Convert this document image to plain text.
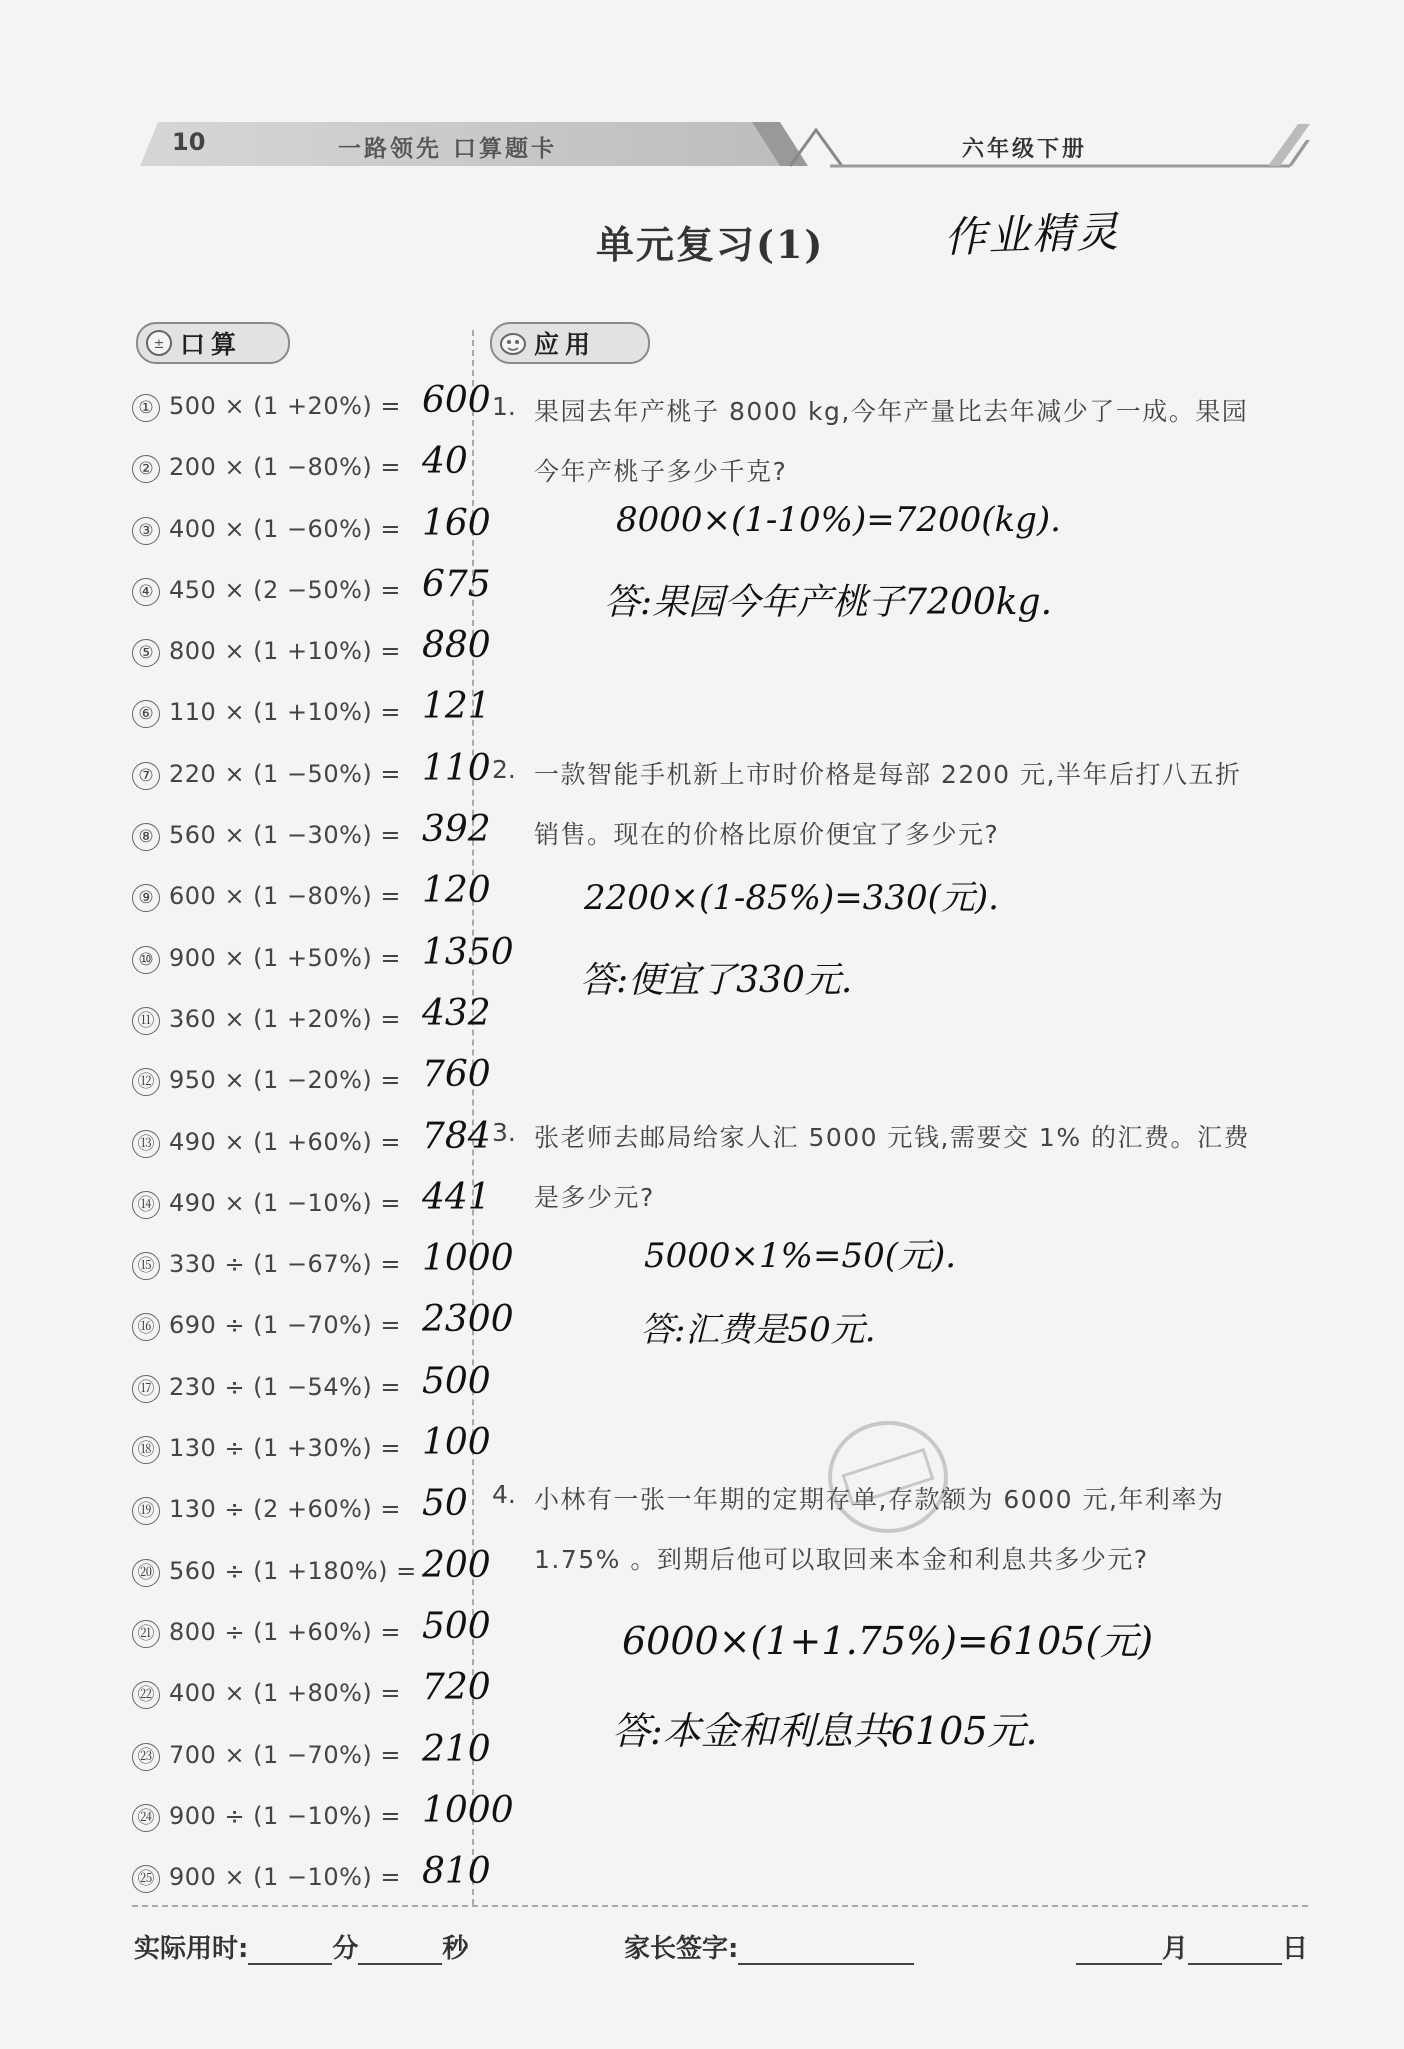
10	一路领先 口算题卡	六年级下册
单元复习(1)	作业精灵
± 口算	应用
① 500 × (1 +20%) = 600
② 200 × (1 −80%) = 40
③ 400 × (1 −60%) = 160
④ 450 × (2 −50%) = 675
⑤ 800 × (1 +10%) = 880
⑥ 110 × (1 +10%) = 121
⑦ 220 × (1 −50%) = 110
⑧ 560 × (1 −30%) = 392
⑨ 600 × (1 −80%) = 120
⑩ 900 × (1 +50%) = 1350
⑪ 360 × (1 +20%) = 432
⑫ 950 × (1 −20%) = 760
⑬ 490 × (1 +60%) = 784
⑭ 490 × (1 −10%) = 441
⑮ 330 ÷ (1 −67%) = 1000
⑯ 690 ÷ (1 −70%) = 2300
⑰ 230 ÷ (1 −54%) = 500
⑱ 130 ÷ (1 +30%) = 100
⑲ 130 ÷ (2 +60%) = 50
⑳ 560 ÷ (1 +180%) = 200
㉑ 800 ÷ (1 +60%) = 500
㉒ 400 × (1 +80%) = 720
㉓ 700 × (1 −70%) = 210
㉔ 900 ÷ (1 −10%) = 1000
㉕ 900 × (1 −10%) = 810
1. 果园去年产桃子 8000 kg,今年产量比去年减少了一成。果园
今年产桃子多少千克?
8000×(1-10%)=7200(kg).
答:果园今年产桃子7200kg.
2. 一款智能手机新上市时价格是每部 2200 元,半年后打八五折
销售。现在的价格比原价便宜了多少元?
2200×(1-85%)=330(元).
答:便宜了330元.
3. 张老师去邮局给家人汇 5000 元钱,需要交 1% 的汇费。汇费
是多少元?
5000×1%=50(元).
答:汇费是50元.
4. 小林有一张一年期的定期存单,存款额为 6000 元,年利率为
1.75% 。到期后他可以取回来本金和利息共多少元?
6000×(1+1.75%)=6105(元)
答:本金和利息共6105元.
实际用时:	分	秒	家长签字:	月	日
